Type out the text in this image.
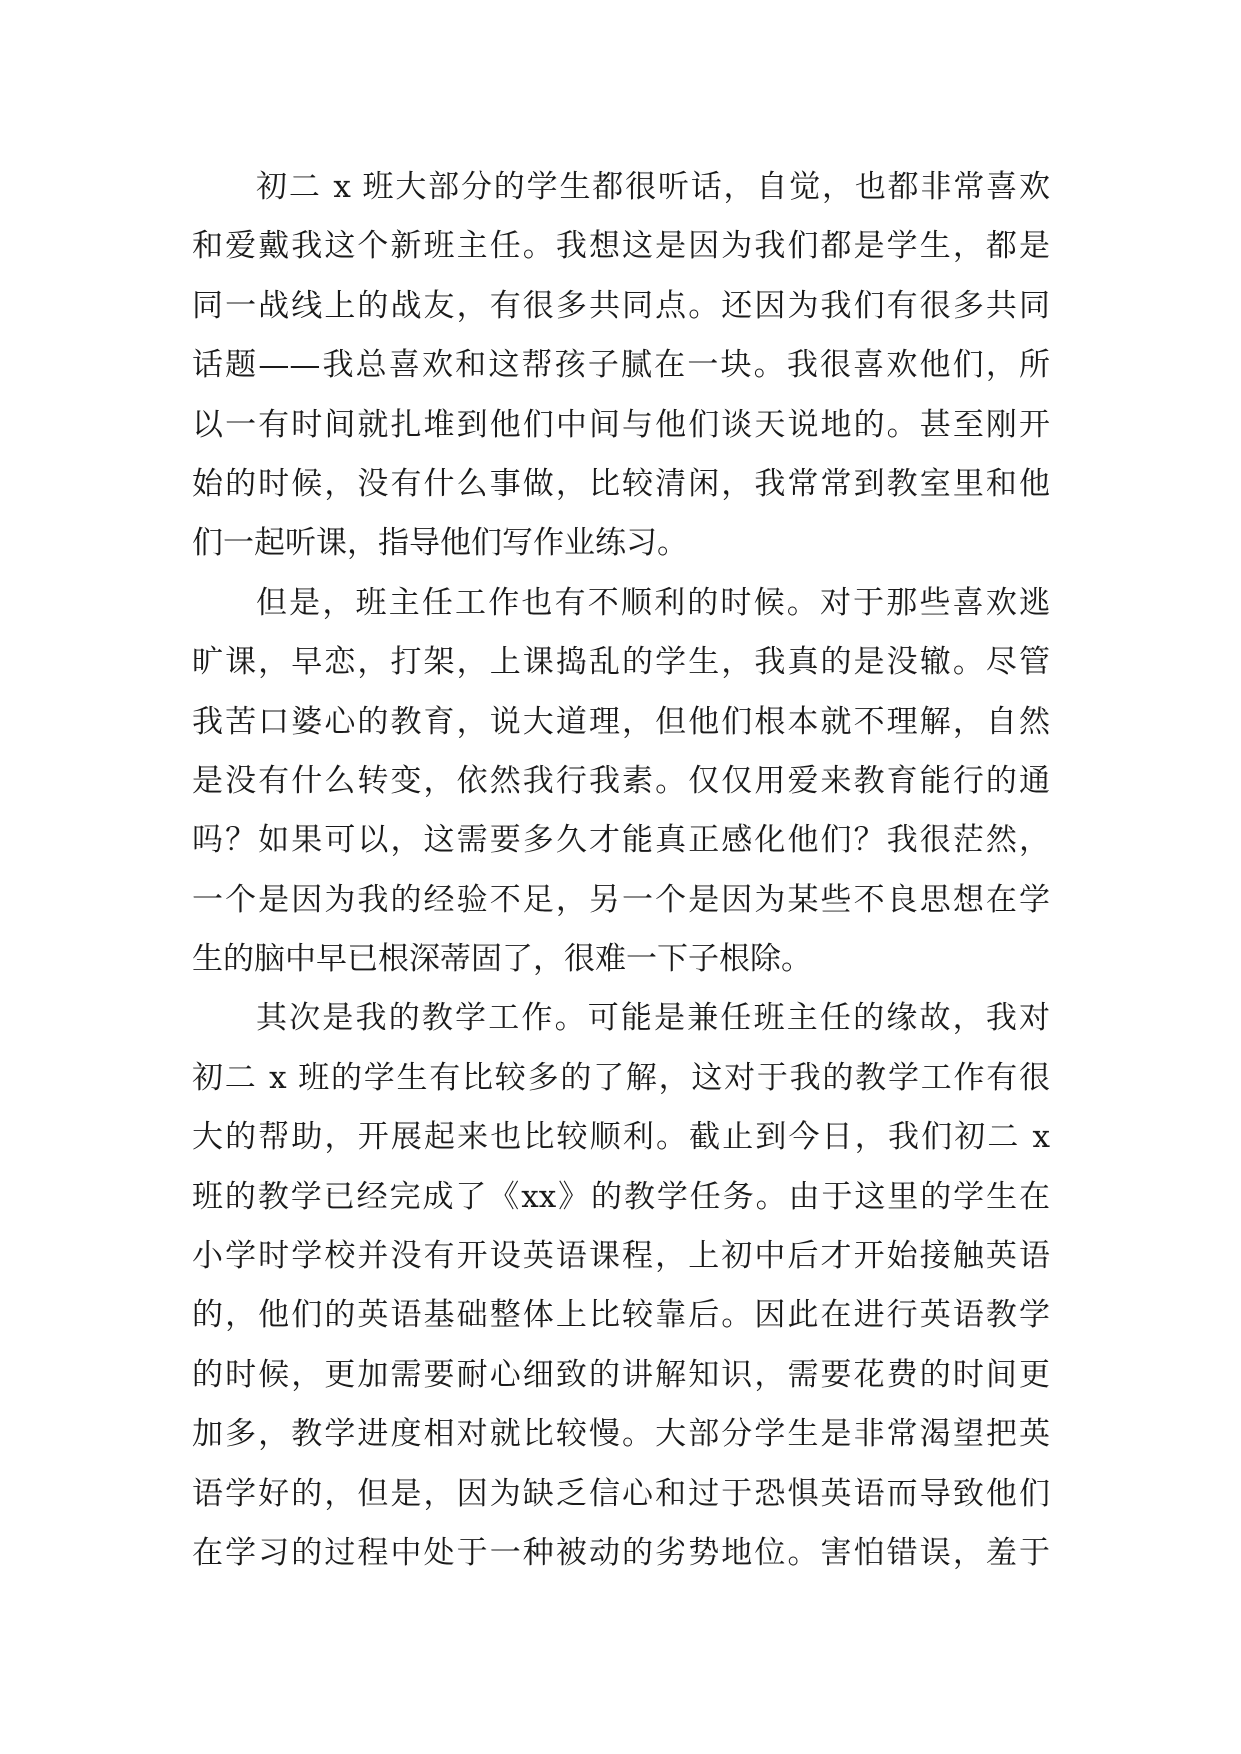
初二 x 班大部分的学生都很听话，自觉，也都非常喜欢
和爱戴我这个新班主任。我想这是因为我们都是学生，都是
同一战线上的战友，有很多共同点。还因为我们有很多共同
话题——我总喜欢和这帮孩子腻在一块。我很喜欢他们，所
以一有时间就扎堆到他们中间与他们谈天说地的。甚至刚开
始的时候，没有什么事做，比较清闲，我常常到教室里和他
们一起听课，指导他们写作业练习。
但是，班主任工作也有不顺利的时候。对于那些喜欢逃
旷课，早恋，打架，上课捣乱的学生，我真的是没辙。尽管
我苦口婆心的教育，说大道理，但他们根本就不理解，自然
是没有什么转变，依然我行我素。仅仅用爱来教育能行的通
吗？如果可以，这需要多久才能真正感化他们？我很茫然，
一个是因为我的经验不足，另一个是因为某些不良思想在学
生的脑中早已根深蒂固了，很难一下子根除。
其次是我的教学工作。可能是兼任班主任的缘故，我对
初二 x 班的学生有比较多的了解，这对于我的教学工作有很
大的帮助，开展起来也比较顺利。截止到今日，我们初二 x
班的教学已经完成了《xx》的教学任务。由于这里的学生在
小学时学校并没有开设英语课程，上初中后才开始接触英语
的，他们的英语基础整体上比较靠后。因此在进行英语教学
的时候，更加需要耐心细致的讲解知识，需要花费的时间更
加多，教学进度相对就比较慢。大部分学生是非常渴望把英
语学好的，但是，因为缺乏信心和过于恐惧英语而导致他们
在学习的过程中处于一种被动的劣势地位。害怕错误，羞于
